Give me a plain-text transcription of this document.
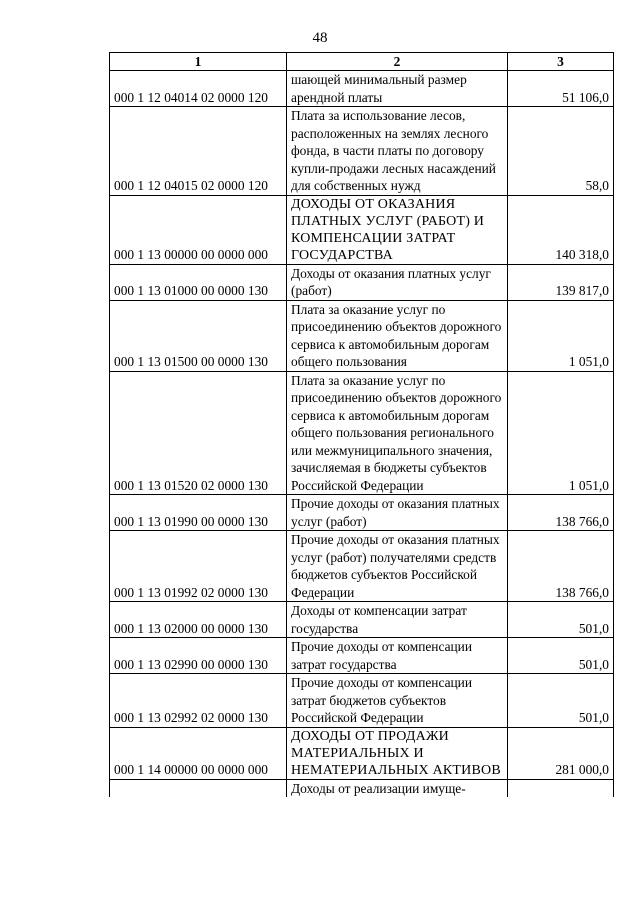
48
1	2	3
000 1 12 04014 02 0000 120	шающей минимальный размер арендной платы	51 106,0
000 1 12 04015 02 0000 120	Плата за использование лесов, расположенных на землях лесного фонда, в части платы по договору купли-продажи лесных насаждений для собственных нужд	58,0
000 1 13 00000 00 0000 000	ДОХОДЫ ОТ ОКАЗАНИЯ ПЛАТНЫХ УСЛУГ (РАБОТ) И КОМПЕНСАЦИИ ЗАТРАТ ГОСУДАРСТВА	140 318,0
000 1 13 01000 00 0000 130	Доходы от оказания платных услуг (работ)	139 817,0
000 1 13 01500 00 0000 130	Плата за оказание услуг по присоединению объектов дорожного сервиса к автомобильным дорогам общего пользования	1 051,0
000 1 13 01520 02 0000 130	Плата за оказание услуг по присоединению объектов дорожного сервиса к автомобильным дорогам общего пользования регионального или межмуниципального значения, зачисляемая в бюджеты субъектов Российской Федерации	1 051,0
000 1 13 01990 00 0000 130	Прочие доходы от оказания платных услуг (работ)	138 766,0
000 1 13 01992 02 0000 130	Прочие доходы от оказания платных услуг (работ) получателями средств бюджетов субъектов Российской Федерации	138 766,0
000 1 13 02000 00 0000 130	Доходы от компенсации затрат государства	501,0
000 1 13 02990 00 0000 130	Прочие доходы от компенсации затрат государства	501,0
000 1 13 02992 02 0000 130	Прочие доходы от компенсации затрат бюджетов субъектов Российской Федерации	501,0
000 1 14 00000 00 0000 000	ДОХОДЫ ОТ ПРОДАЖИ МАТЕРИАЛЬНЫХ И НЕМАТЕРИАЛЬНЫХ АКТИВОВ	281 000,0
	Доходы от реализации имуще-	
